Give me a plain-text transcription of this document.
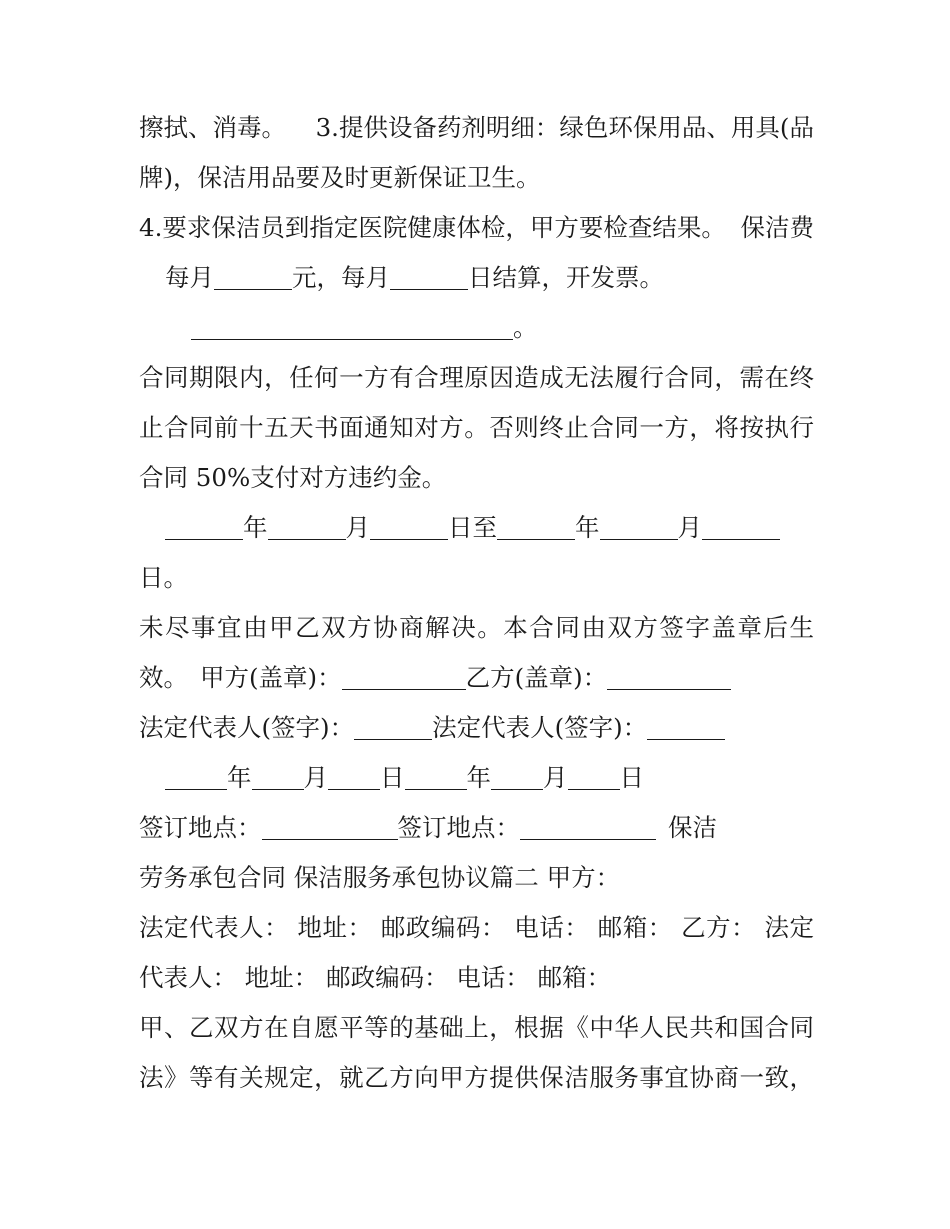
擦拭、消毒。 3.提供设备药剂明细：绿色环保用品、用具(品
牌)，保洁用品要及时更新保证卫生。
4.要求保洁员到指定医院健康体检，甲方要检查结果。 保洁费
每月	元，每月	日结算，开发票。
。
合同期限内，任何一方有合理原因造成无法履行合同，需在终
止合同前十五天书面通知对方。否则终止合同一方，将按执行
合同 50%支付对方违约金。
年	月	日至	年	月
日。
未尽事宜由甲乙双方协商解决。本合同由双方签字盖章后生
效。 甲方(盖章)：	乙方(盖章)：
法定代表人(签字)：	法定代表人(签字)：
年 月 日	年 月 日
签订地点：	签订地点：	保洁
劳务承包合同 保洁服务承包协议篇二 甲方：
法定代表人： 地址： 邮政编码： 电话： 邮箱： 乙方： 法定
代表人： 地址： 邮政编码： 电话： 邮箱：
甲、乙双方在自愿平等的基础上，根据《中华人民共和国合同
法》等有关规定，就乙方向甲方提供保洁服务事宜协商一致，
